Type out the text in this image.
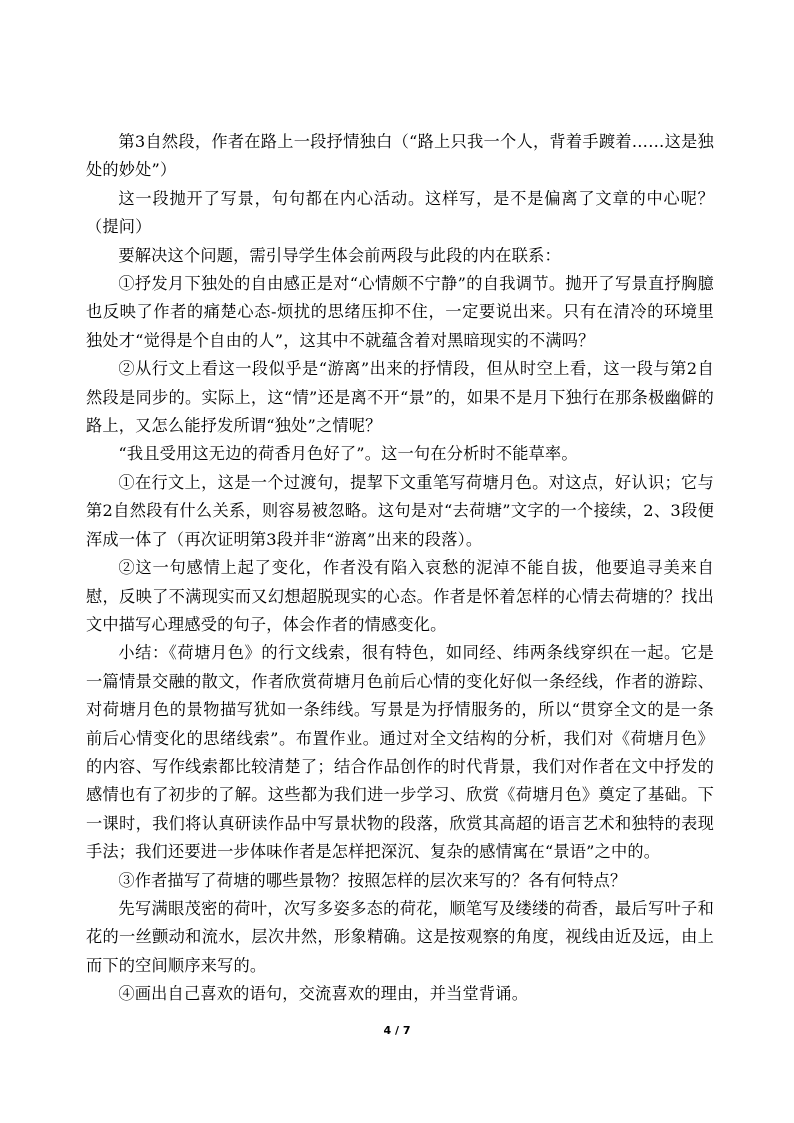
第3自然段，作者在路上一段抒情独白（“路上只我一个人，背着手踱着……这是独处的妙处”）

这一段抛开了写景，句句都在内心活动。这样写，是不是偏离了文章的中心呢？（提问）

要解决这个问题，需引导学生体会前两段与此段的内在联系：

①抒发月下独处的自由感正是对“心情颇不宁静”的自我调节。抛开了写景直抒胸臆也反映了作者的痛楚心态-烦扰的思绪压抑不住，一定要说出来。只有在清冷的环境里独处才“觉得是个自由的人”，这其中不就蕴含着对黑暗现实的不满吗？

②从行文上看这一段似乎是“游离”出来的抒情段，但从时空上看，这一段与第2自然段是同步的。实际上，这“情”还是离不开“景”的，如果不是月下独行在那条极幽僻的路上，又怎么能抒发所谓“独处”之情呢？

“我且受用这无边的荷香月色好了”。这一句在分析时不能草率。

①在行文上，这是一个过渡句，提挈下文重笔写荷塘月色。对这点，好认识；它与第2自然段有什么关系，则容易被忽略。这句是对“去荷塘”文字的一个接续，2、3段便浑成一体了（再次证明第3段并非“游离”出来的段落）。

②这一句感情上起了变化，作者没有陷入哀愁的泥淖不能自拔，他要追寻美来自慰，反映了不满现实而又幻想超脱现实的心态。作者是怀着怎样的心情去荷塘的？找出文中描写心理感受的句子，体会作者的情感变化。

小结：《荷塘月色》的行文线索，很有特色，如同经、纬两条线穿织在一起。它是一篇情景交融的散文，作者欣赏荷塘月色前后心情的变化好似一条经线，作者的游踪、对荷塘月色的景物描写犹如一条纬线。写景是为抒情服务的，所以“贯穿全文的是一条前后心情变化的思绪线索”。布置作业。通过对全文结构的分析，我们对《荷塘月色》的内容、写作线索都比较清楚了；结合作品创作的时代背景，我们对作者在文中抒发的感情也有了初步的了解。这些都为我们进一步学习、欣赏《荷塘月色》奠定了基础。下一课时，我们将认真研读作品中写景状物的段落，欣赏其高超的语言艺术和独特的表现手法；我们还要进一步体味作者是怎样把深沉、复杂的感情寓在“景语”之中的。

③作者描写了荷塘的哪些景物？按照怎样的层次来写的？各有何特点？

先写满眼茂密的荷叶，次写多姿多态的荷花，顺笔写及缕缕的荷香，最后写叶子和花的一丝颤动和流水，层次井然，形象精确。这是按观察的角度，视线由近及远，由上而下的空间顺序来写的。

④画出自己喜欢的语句，交流喜欢的理由，并当堂背诵。

4 / 7
